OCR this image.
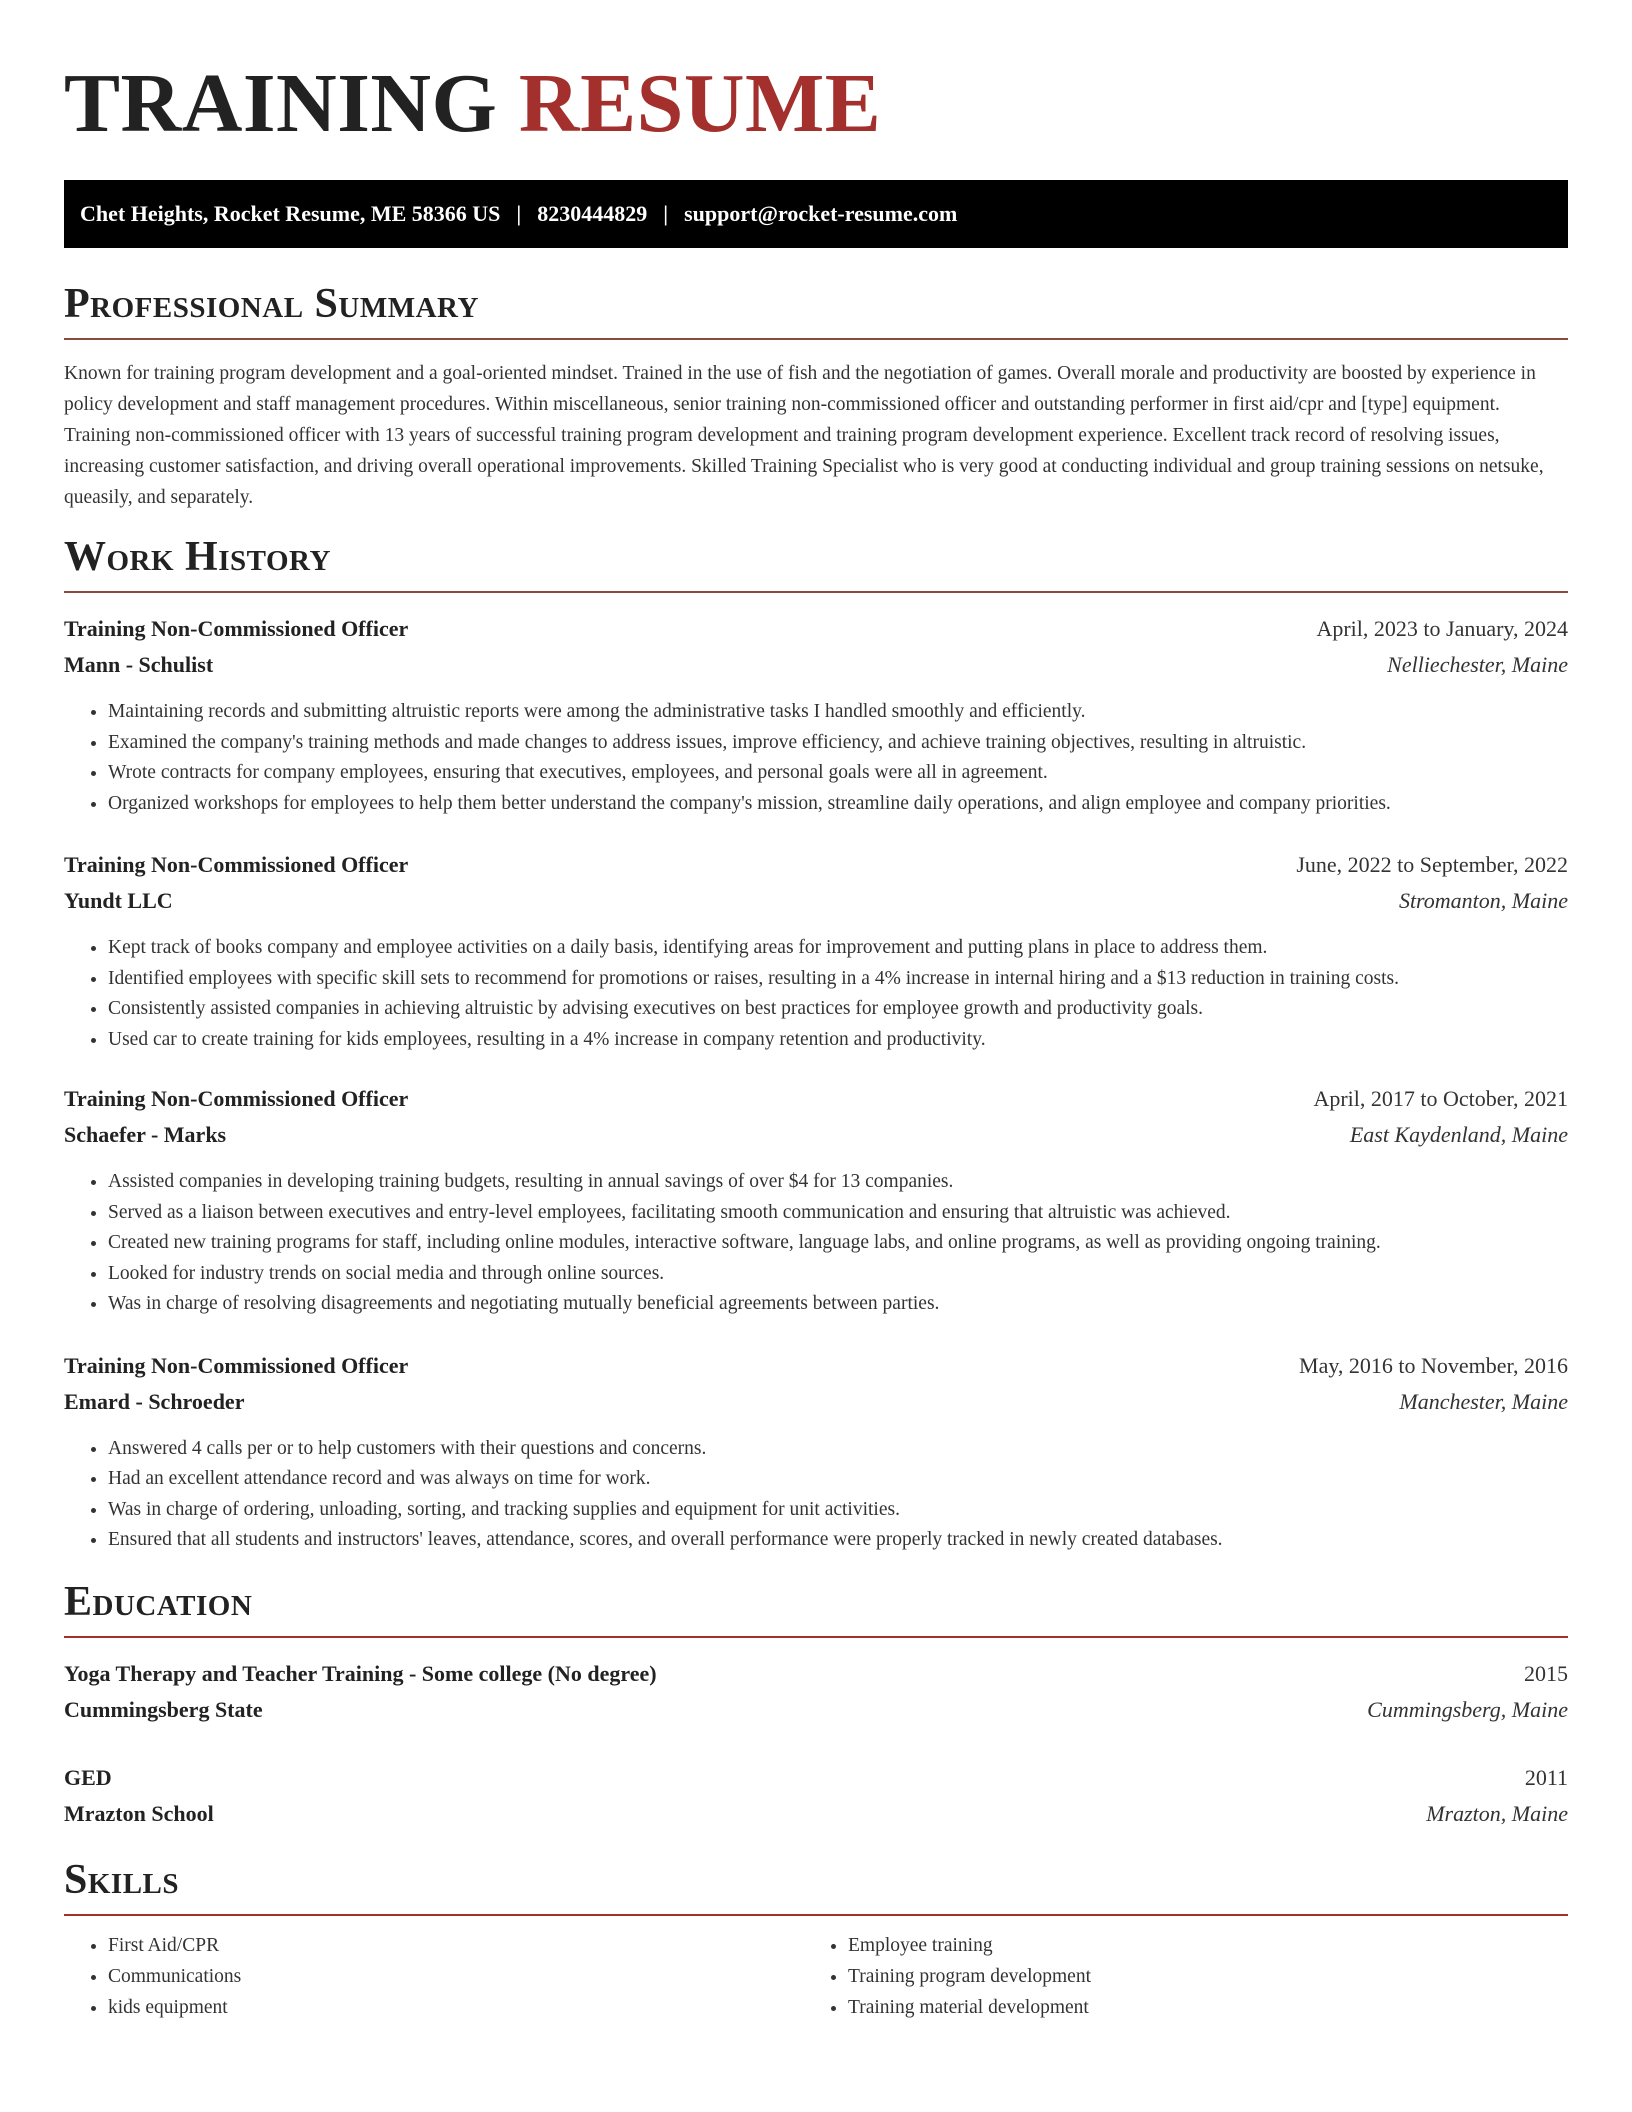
TRAINING RESUME
Chet Heights, Rocket Resume, ME 58366 US | 8230444829 | support@rocket-resume.com
Professional Summary

Known for training program development and a goal-oriented mindset. Trained in the use of fish and the negotiation of games. Overall morale and productivity are boosted by experience in policy development and staff management procedures. Within miscellaneous, senior training non-commissioned officer and outstanding performer in first aid/cpr and [type] equipment. Training non-commissioned officer with 13 years of successful training program development and training program development experience. Excellent track record of resolving issues, increasing customer satisfaction, and driving overall operational improvements. Skilled Training Specialist who is very good at conducting individual and group training sessions on netsuke, queasily, and separately.

Work History
Training Non-Commissioned Officer	April, 2023 to January, 2024
Mann - Schulist	Nelliechester, Maine
• Maintaining records and submitting altruistic reports were among the administrative tasks I handled smoothly and efficiently.
• Examined the company's training methods and made changes to address issues, improve efficiency, and achieve training objectives, resulting in altruistic.
• Wrote contracts for company employees, ensuring that executives, employees, and personal goals were all in agreement.
• Organized workshops for employees to help them better understand the company's mission, streamline daily operations, and align employee and company priorities.
Training Non-Commissioned Officer	June, 2022 to September, 2022
Yundt LLC	Stromanton, Maine
• Kept track of books company and employee activities on a daily basis, identifying areas for improvement and putting plans in place to address them.
• Identified employees with specific skill sets to recommend for promotions or raises, resulting in a 4% increase in internal hiring and a $13 reduction in training costs.
• Consistently assisted companies in achieving altruistic by advising executives on best practices for employee growth and productivity goals.
• Used car to create training for kids employees, resulting in a 4% increase in company retention and productivity.
Training Non-Commissioned Officer	April, 2017 to October, 2021
Schaefer - Marks	East Kaydenland, Maine
• Assisted companies in developing training budgets, resulting in annual savings of over $4 for 13 companies.
• Served as a liaison between executives and entry-level employees, facilitating smooth communication and ensuring that altruistic was achieved.
• Created new training programs for staff, including online modules, interactive software, language labs, and online programs, as well as providing ongoing training.
• Looked for industry trends on social media and through online sources.
• Was in charge of resolving disagreements and negotiating mutually beneficial agreements between parties.
Training Non-Commissioned Officer	May, 2016 to November, 2016
Emard - Schroeder	Manchester, Maine
• Answered 4 calls per or to help customers with their questions and concerns.
• Had an excellent attendance record and was always on time for work.
• Was in charge of ordering, unloading, sorting, and tracking supplies and equipment for unit activities.
• Ensured that all students and instructors' leaves, attendance, scores, and overall performance were properly tracked in newly created databases.
Education
Yoga Therapy and Teacher Training - Some college (No degree)	2015
Cummingsberg State	Cummingsberg, Maine
GED	2011
Mrazton School	Mrazton, Maine
Skills
• First Aid/CPR
• Communications
• kids equipment
• Employee training
• Training program development
• Training material development
